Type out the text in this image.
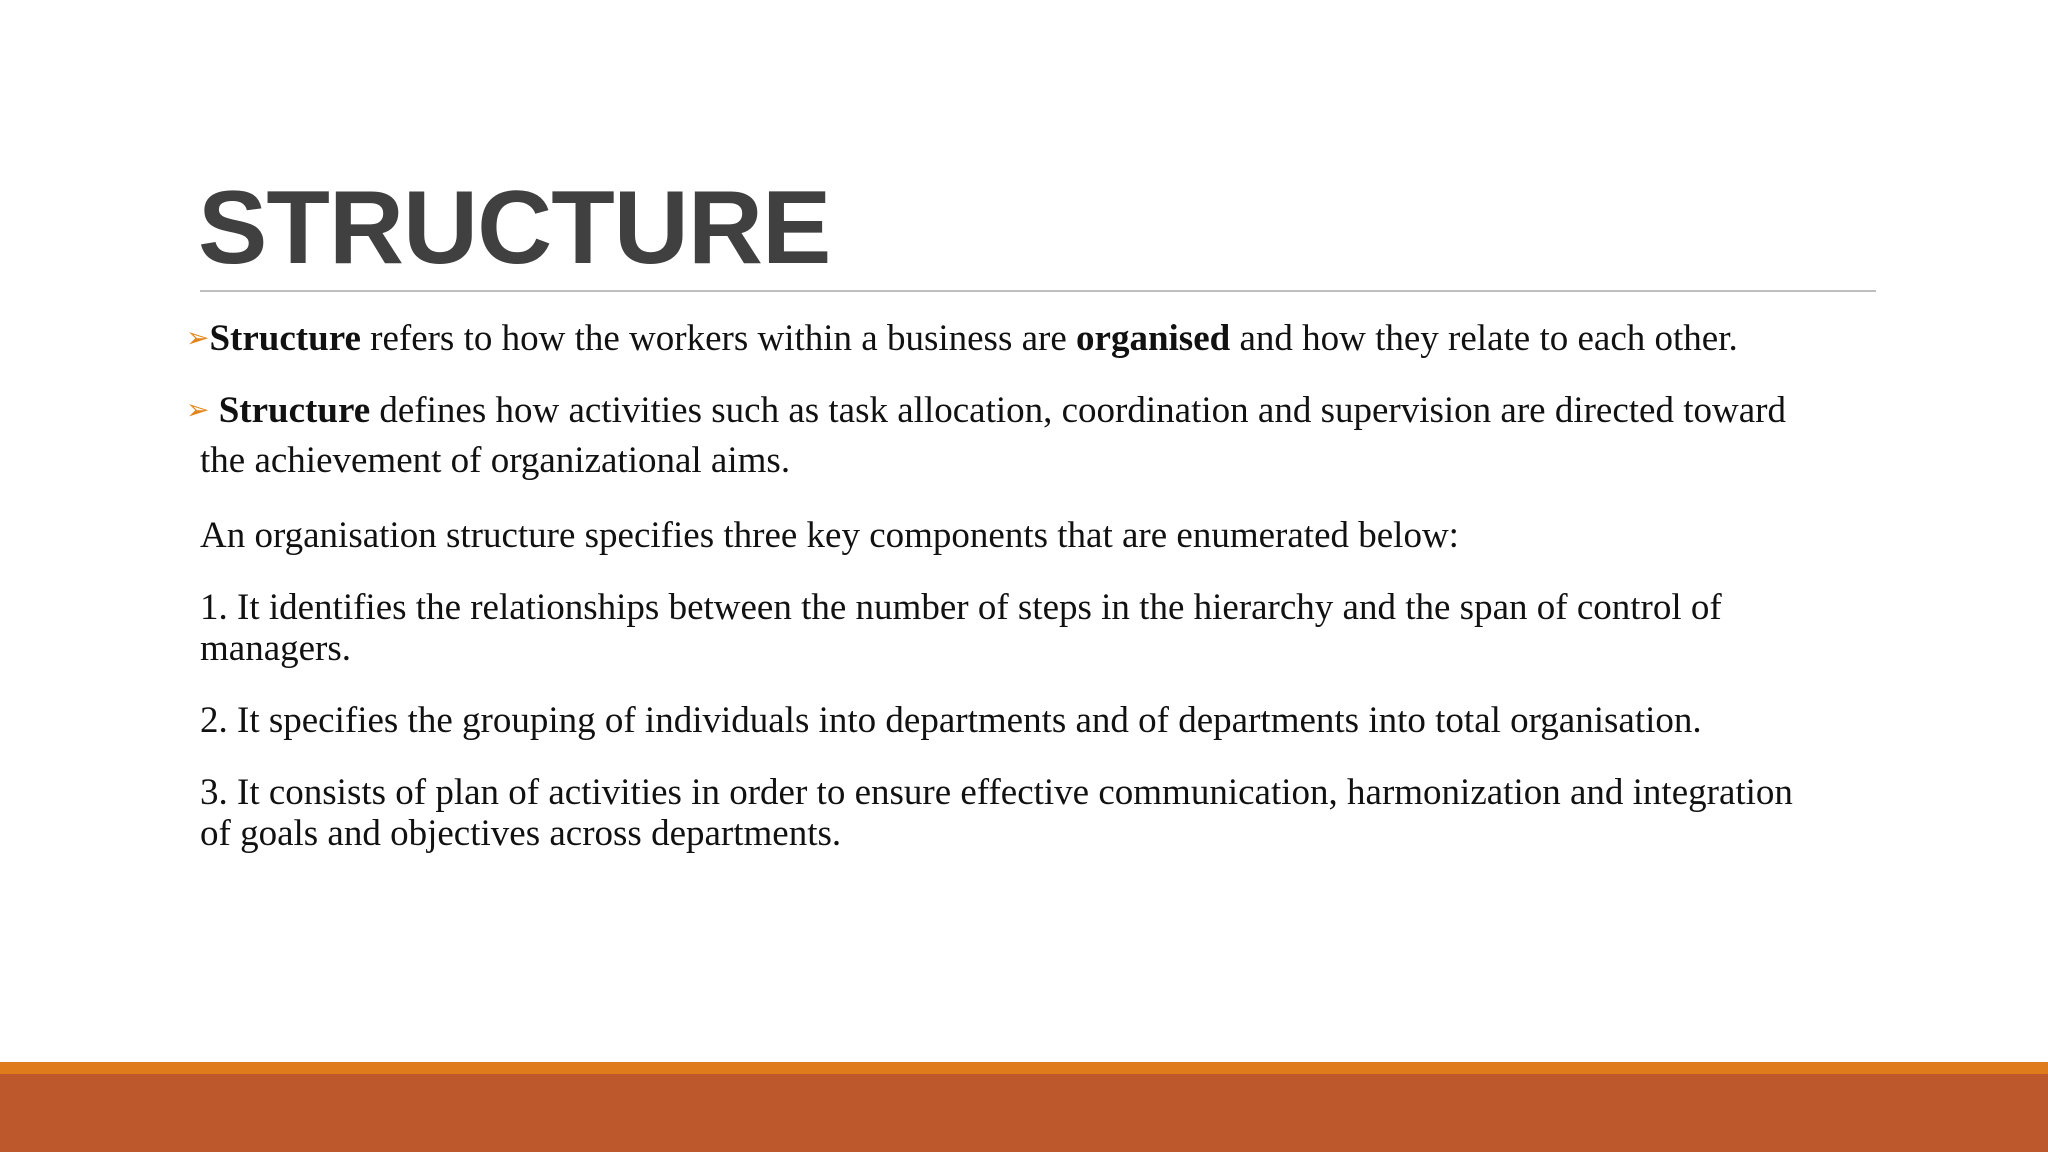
STRUCTURE
➢Structure refers to how the workers within a business are organised and how they relate to each other.
➢ Structure defines how activities such as task allocation, coordination and supervision are directed toward
the achievement of organizational aims.
An organisation structure specifies three key components that are enumerated below:
1. It identifies the relationships between the number of steps in the hierarchy and the span of control of
managers.
2. It specifies the grouping of individuals into departments and of departments into total organisation.
3. It consists of plan of activities in order to ensure effective communication, harmonization and integration
of goals and objectives across departments.
